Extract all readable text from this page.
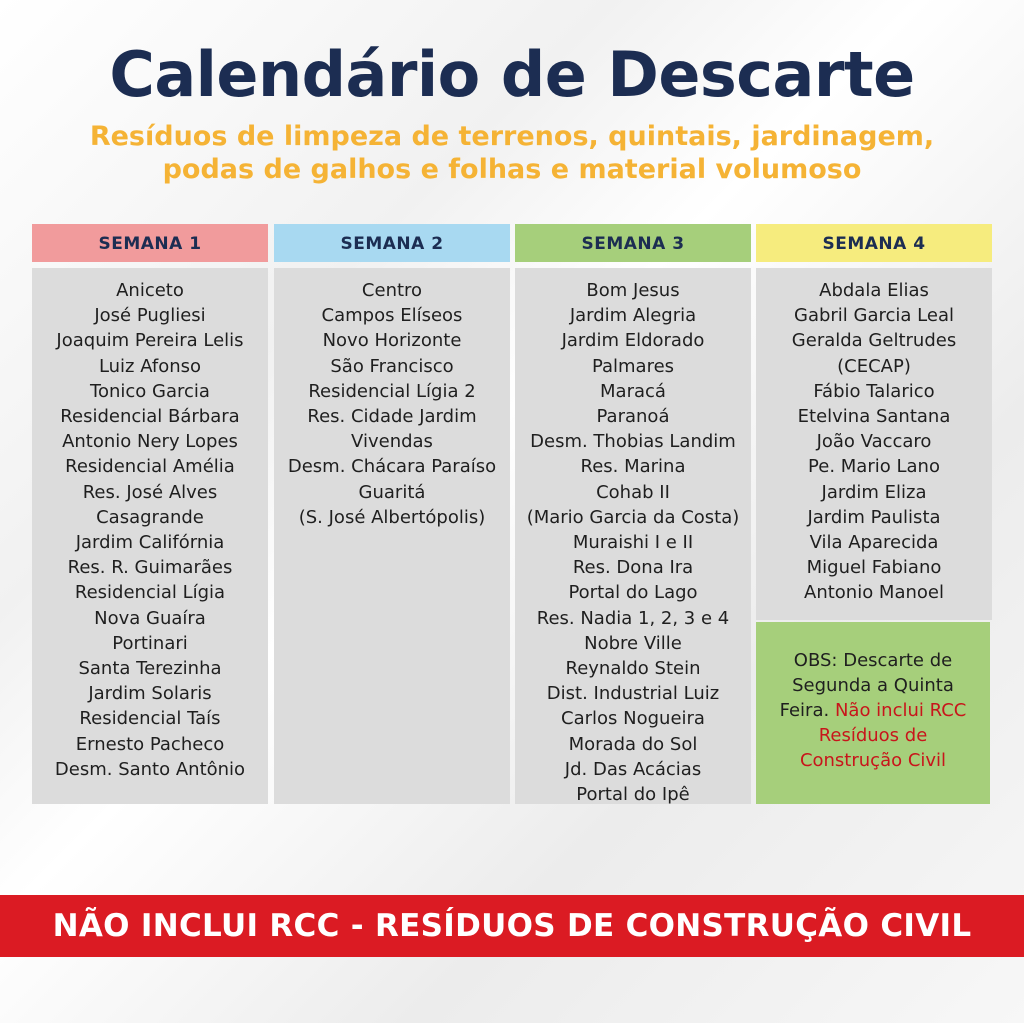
Calendário de Descarte
Resíduos de limpeza de terrenos, quintais, jardinagem,
podas de galhos e folhas e material volumoso
SEMANA 1
Aniceto
José Pugliesi
Joaquim Pereira Lelis
Luiz Afonso
Tonico Garcia
Residencial Bárbara
Antonio Nery Lopes
Residencial Amélia
Res. José Alves
Casagrande
Jardim Califórnia
Res. R. Guimarães
Residencial Lígia
Nova Guaíra
Portinari
Santa Terezinha
Jardim Solaris
Residencial Taís
Ernesto Pacheco
Desm. Santo Antônio
SEMANA 2
Centro
Campos Elíseos
Novo Horizonte
São Francisco
Residencial Lígia 2
Res. Cidade Jardim
Vivendas
Desm. Chácara Paraíso
Guaritá
(S. José Albertópolis)
SEMANA 3
Bom Jesus
Jardim Alegria
Jardim Eldorado
Palmares
Maracá
Paranoá
Desm. Thobias Landim
Res. Marina
Cohab II
(Mario Garcia da Costa)
Muraishi I e II
Res. Dona Ira
Portal do Lago
Res. Nadia 1, 2, 3 e 4
Nobre Ville
Reynaldo Stein
Dist. Industrial Luiz
Carlos Nogueira
Morada do Sol
Jd. Das Acácias
Portal do Ipê
SEMANA 4
Abdala Elias
Gabril Garcia Leal
Geralda Geltrudes
(CECAP)
Fábio Talarico
Etelvina Santana
João Vaccaro
Pe. Mario Lano
Jardim Eliza
Jardim Paulista
Vila Aparecida
Miguel Fabiano
Antonio Manoel
OBS: Descarte de
Segunda a Quinta
Feira. Não inclui RCC
Resíduos de
Construção Civil
NÃO INCLUI RCC - RESÍDUOS DE CONSTRUÇÃO CIVIL
